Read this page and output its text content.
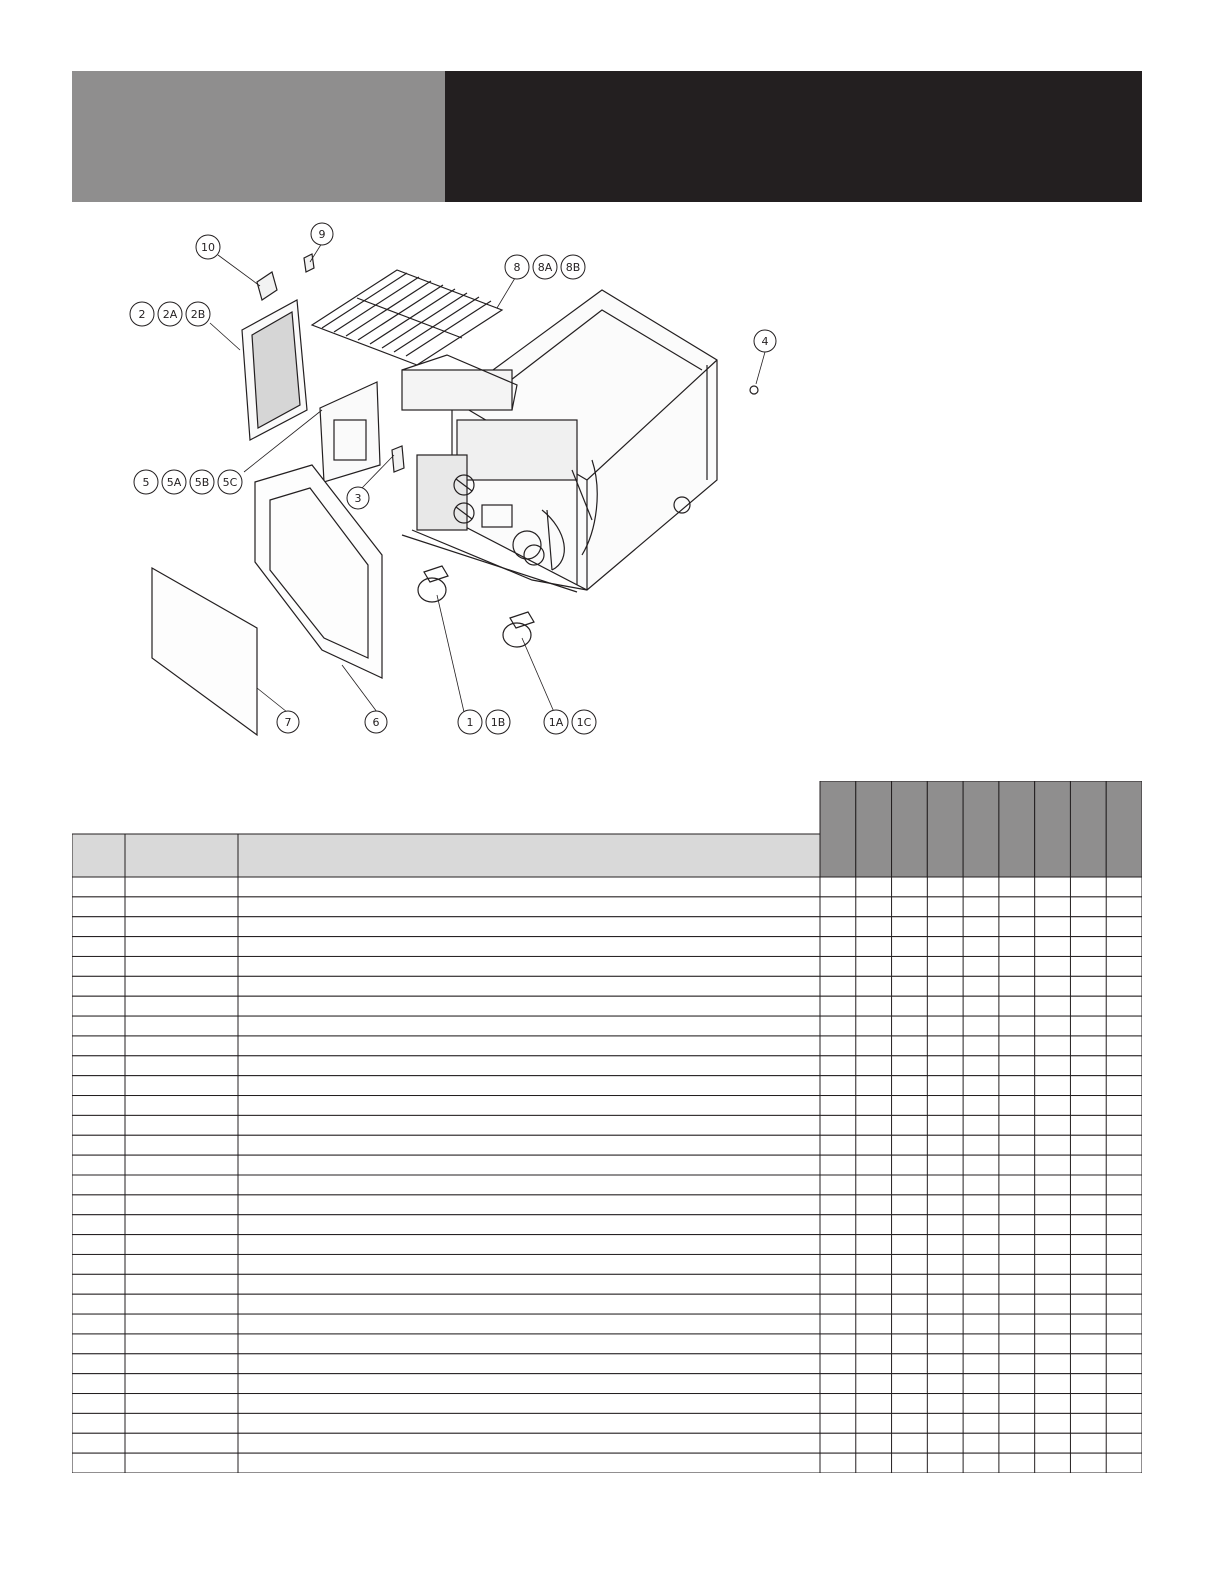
10
9
8 8A 8B
2 2A 2B
4
5 5A 5B 5C
3
7	6	1 1B	1A 1C
